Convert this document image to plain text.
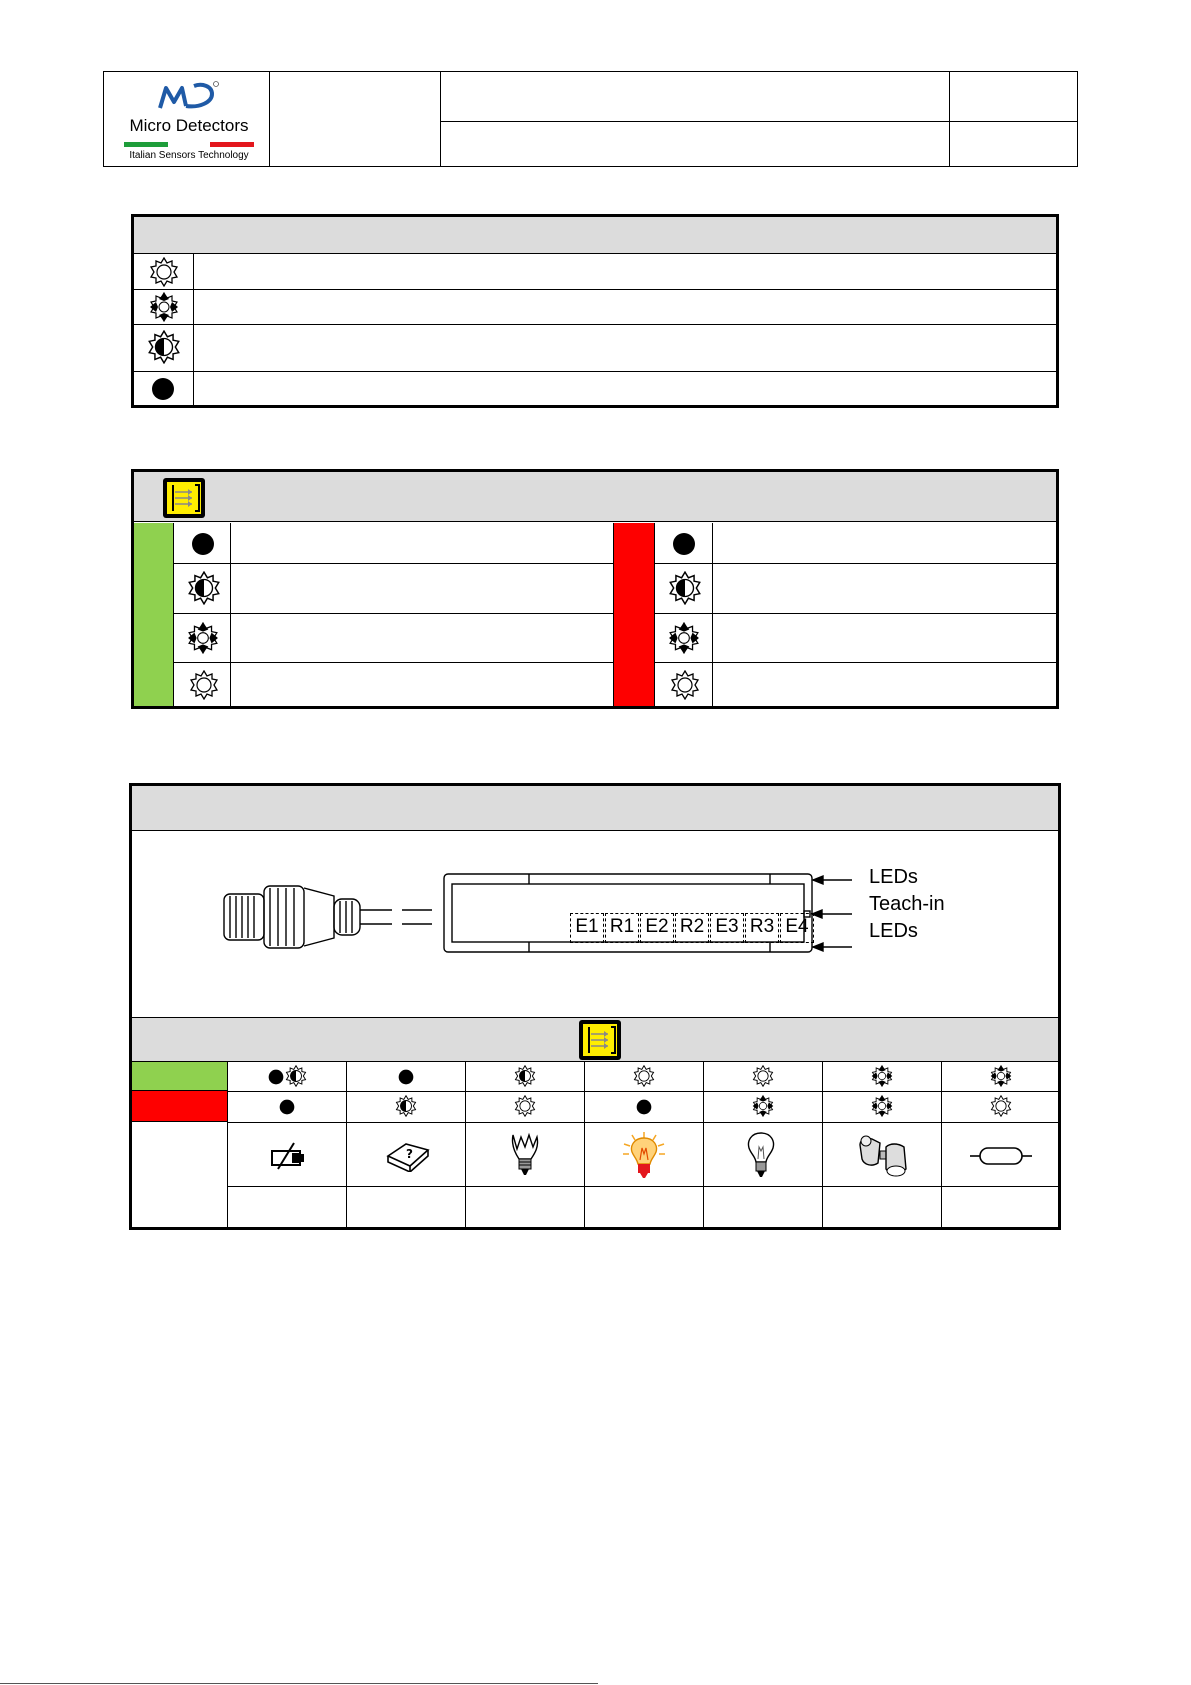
Micro Detectors
Italian Sensors Technology
E1 R1 E2 R2 E3 R3 E4
LEDs
Teach-in
LEDs
?
